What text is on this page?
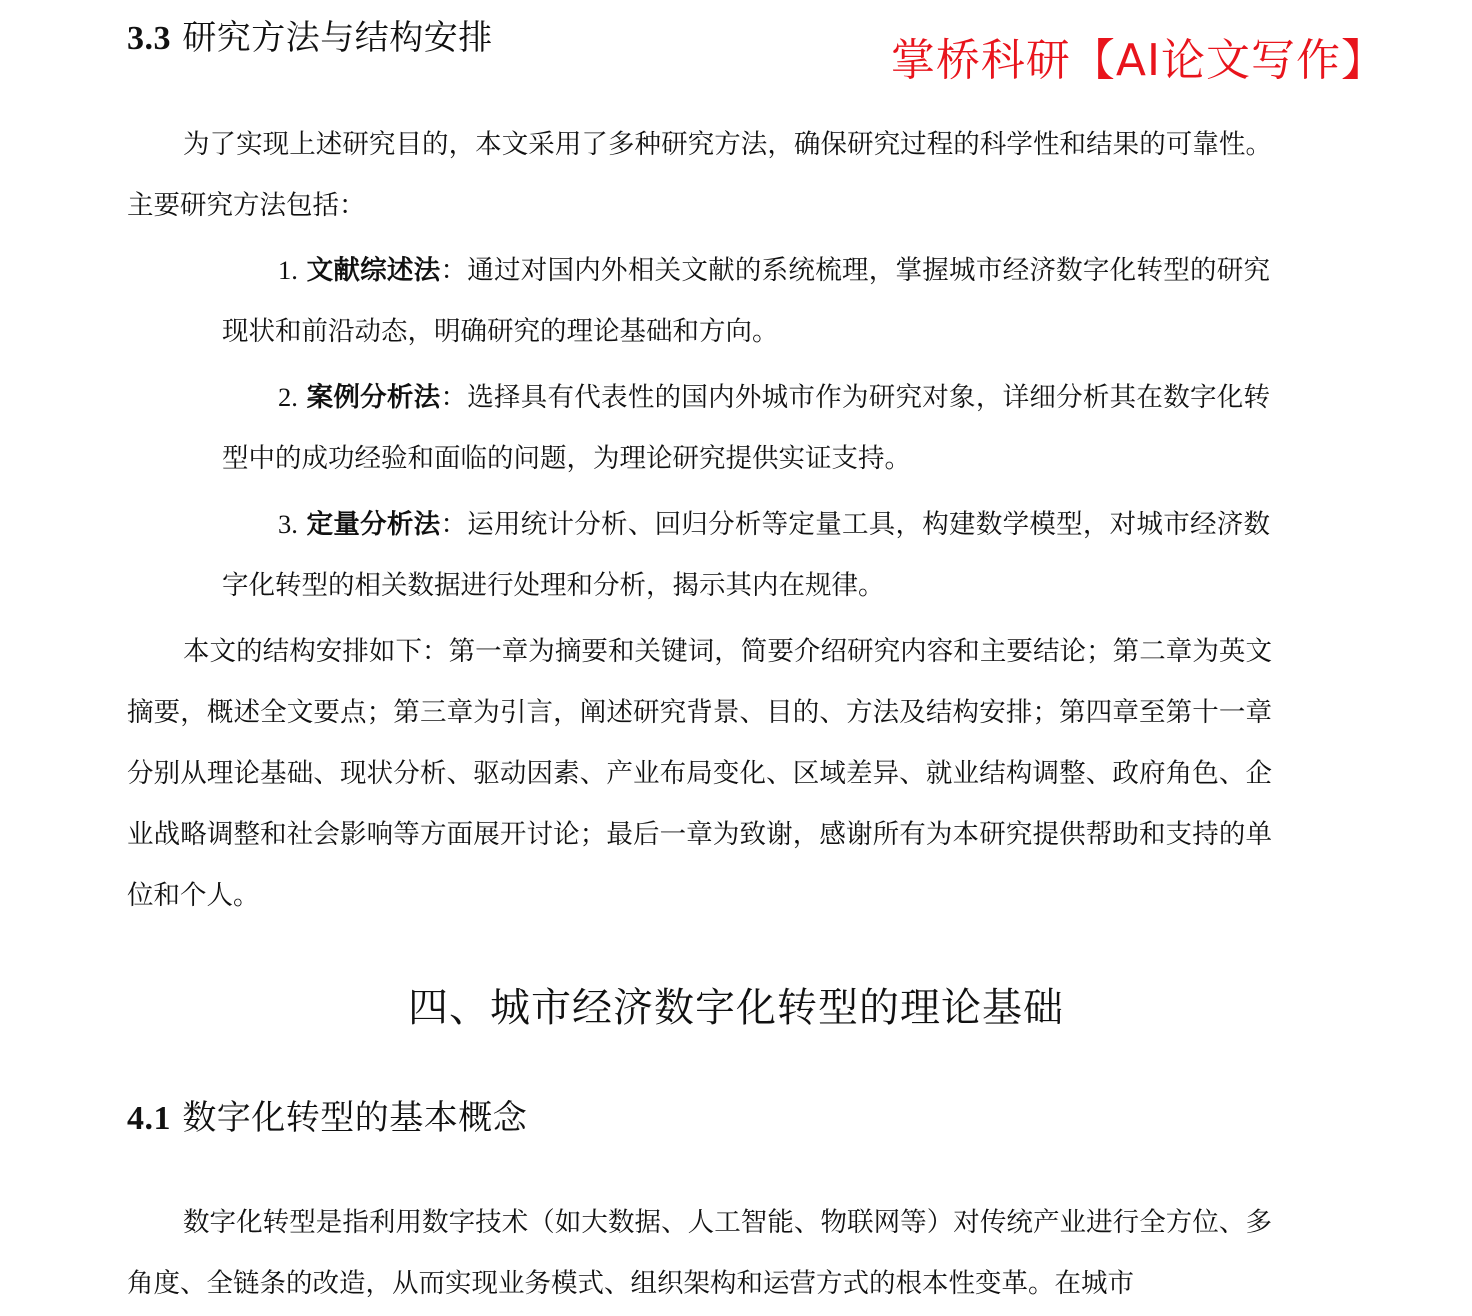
掌桥科研【AI论文写作】
3.3 研究方法与结构安排

为了实现上述研究目的，本文采用了多种研究方法，确保研究过程的科学性和结果的可靠性。主要研究方法包括：

1. 文献综述法：通过对国内外相关文献的系统梳理，掌握城市经济数字化转型的研究现状和前沿动态，明确研究的理论基础和方向。

2. 案例分析法：选择具有代表性的国内外城市作为研究对象，详细分析其在数字化转型中的成功经验和面临的问题，为理论研究提供实证支持。

3. 定量分析法：运用统计分析、回归分析等定量工具，构建数学模型，对城市经济数字化转型的相关数据进行处理和分析，揭示其内在规律。

本文的结构安排如下：第一章为摘要和关键词，简要介绍研究内容和主要结论；第二章为英文摘要，概述全文要点；第三章为引言，阐述研究背景、目的、方法及结构安排；第四章至第十一章分别从理论基础、现状分析、驱动因素、产业布局变化、区域差异、就业结构调整、政府角色、企业战略调整和社会影响等方面展开讨论；最后一章为致谢，感谢所有为本研究提供帮助和支持的单位和个人。

四、城市经济数字化转型的理论基础
4.1 数字化转型的基本概念

数字化转型是指利用数字技术（如大数据、人工智能、物联网等）对传统产业进行全方位、多角度、全链条的改造，从而实现业务模式、组织架构和运营方式的根本性变革。在城市
